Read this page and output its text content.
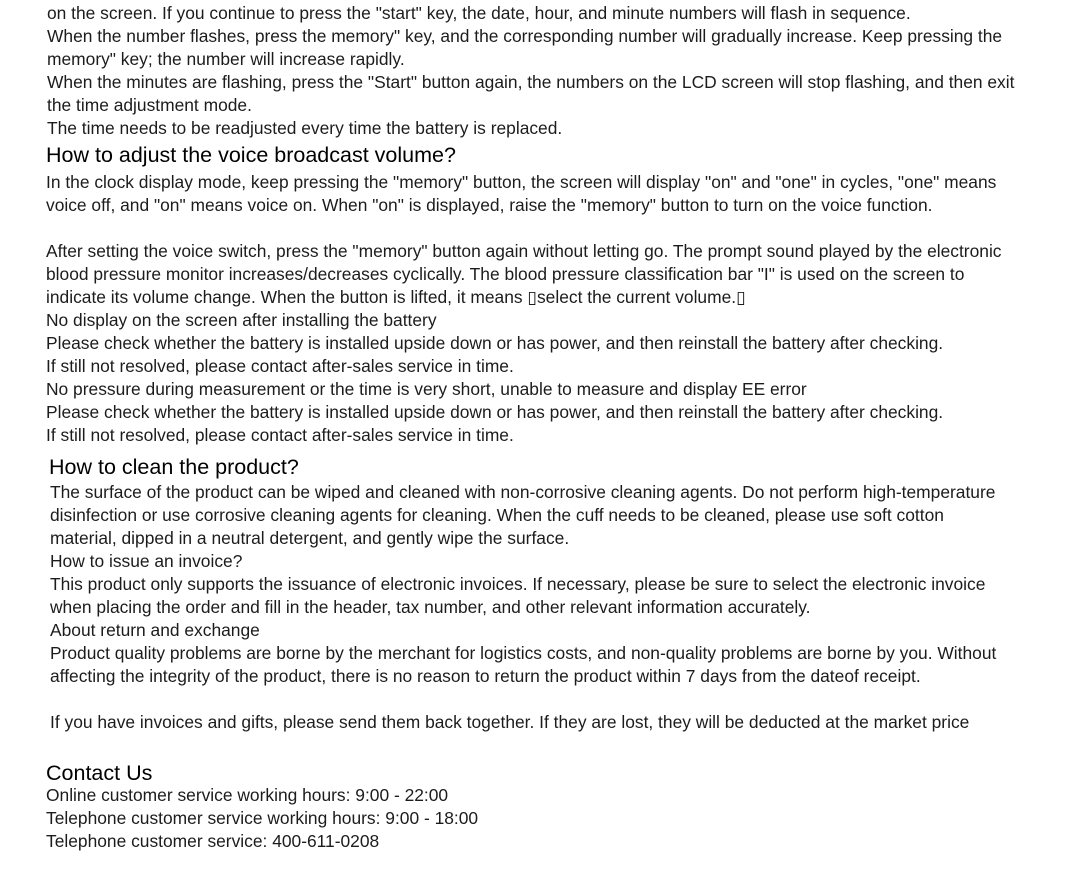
on the screen. If you continue to press the "start" key, the date, hour, and minute numbers will flash in sequence.

When the number flashes, press the memory" key, and the corresponding number will gradually increase. Keep pressing the memory" key; the number will increase rapidly.

When the minutes are flashing, press the "Start" button again, the numbers on the LCD screen will stop flashing, and then exit the time adjustment mode.

The time needs to be readjusted every time the battery is replaced.

How to adjust the voice broadcast volume?

In the clock display mode, keep pressing the "memory" button, the screen will display "on" and "one" in cycles, "one" means voice off, and "on" means voice on. When "on" is displayed, raise the "memory" button to turn on the voice function.

After setting the voice switch, press the "memory" button again without letting go. The prompt sound played by the electronic blood pressure monitor increases/decreases cyclically. The blood pressure classification bar "I" is used on the screen to indicate its volume change. When the button is lifted, it means ▯select the current volume.▯

No display on the screen after installing the battery

Please check whether the battery is installed upside down or has power, and then reinstall the battery after checking. If still not resolved, please contact after-sales service in time.

No pressure during measurement or the time is very short, unable to measure and display EE error

Please check whether the battery is installed upside down or has power, and then reinstall the battery after checking. If still not resolved, please contact after-sales service in time.

How to clean the product?

The surface of the product can be wiped and cleaned with non-corrosive cleaning agents. Do not perform high-temperature disinfection or use corrosive cleaning agents for cleaning. When the cuff needs to be cleaned, please use soft cotton material, dipped in a neutral detergent, and gently wipe the surface.

How to issue an invoice?

This product only supports the issuance of electronic invoices. If necessary, please be sure to select the electronic invoice when placing the order and fill in the header, tax number, and other relevant information accurately.

About return and exchange

Product quality problems are borne by the merchant for logistics costs, and non-quality problems are borne by you. Without affecting the integrity of the product, there is no reason to return the product within 7 days from the dateof receipt.

If you have invoices and gifts, please send them back together. If they are lost, they will be deducted at the market price

Contact Us

Online customer service working hours: 9:00 - 22:00

Telephone customer service working hours: 9:00 - 18:00

Telephone customer service: 400-611-0208
